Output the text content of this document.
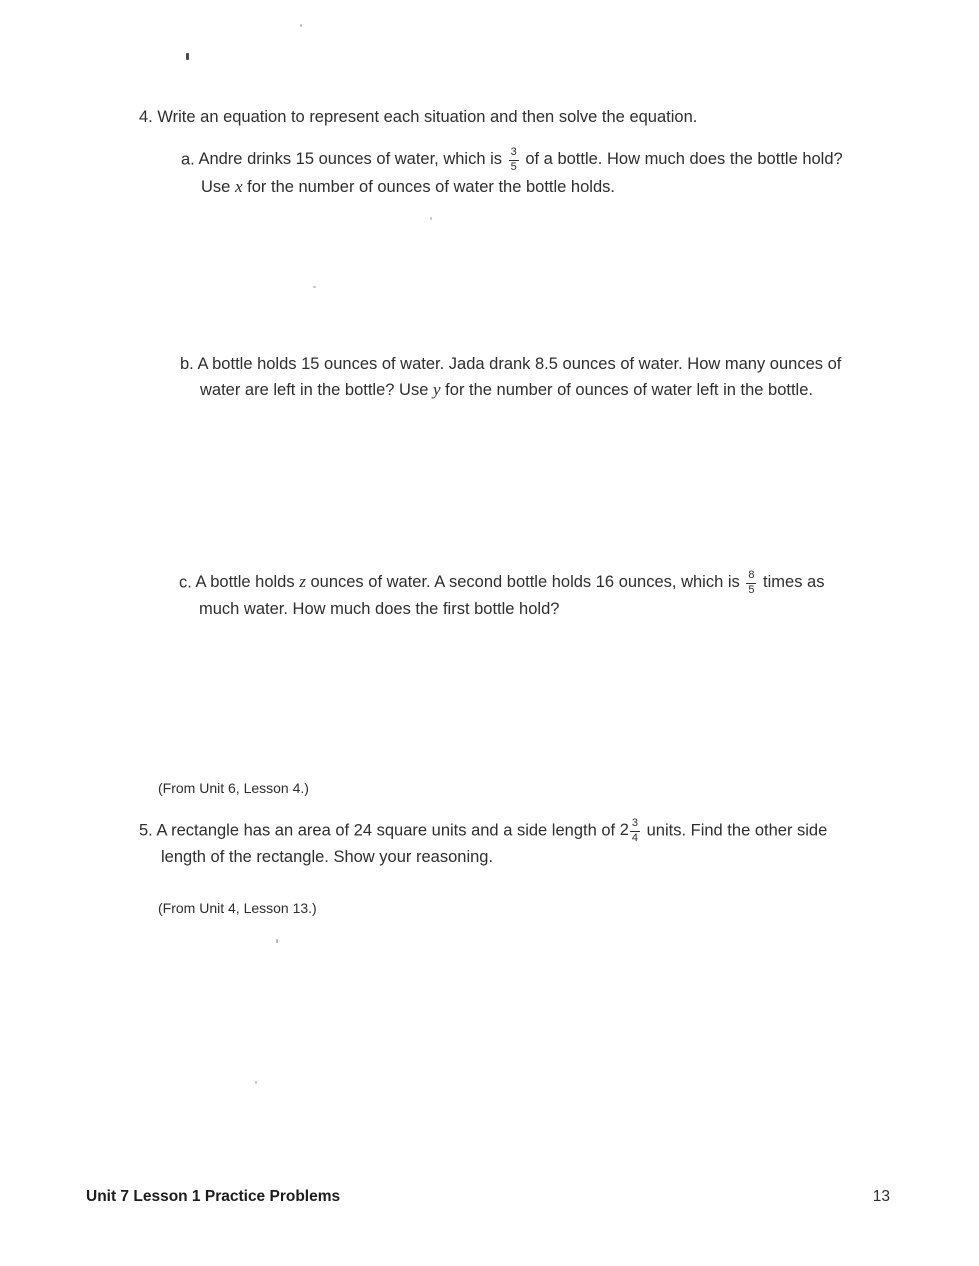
4. Write an equation to represent each situation and then solve the equation.
a. Andre drinks 15 ounces of water, which is $\frac{3}{5}$ of a bottle. How much does the bottle hold? Use x for the number of ounces of water the bottle holds.
b. A bottle holds 15 ounces of water. Jada drank 8.5 ounces of water. How many ounces of water are left in the bottle? Use y for the number of ounces of water left in the bottle.
c. A bottle holds z ounces of water. A second bottle holds 16 ounces, which is $\frac{8}{5}$ times as much water. How much does the first bottle hold?
(From Unit 6, Lesson 4.)
5. A rectangle has an area of 24 square units and a side length of $2 \frac{3}{4}$ units. Find the other side length of the rectangle. Show your reasoning.
(From Unit 4, Lesson 13.)
Unit 7 Lesson 1 Practice Problems	13
